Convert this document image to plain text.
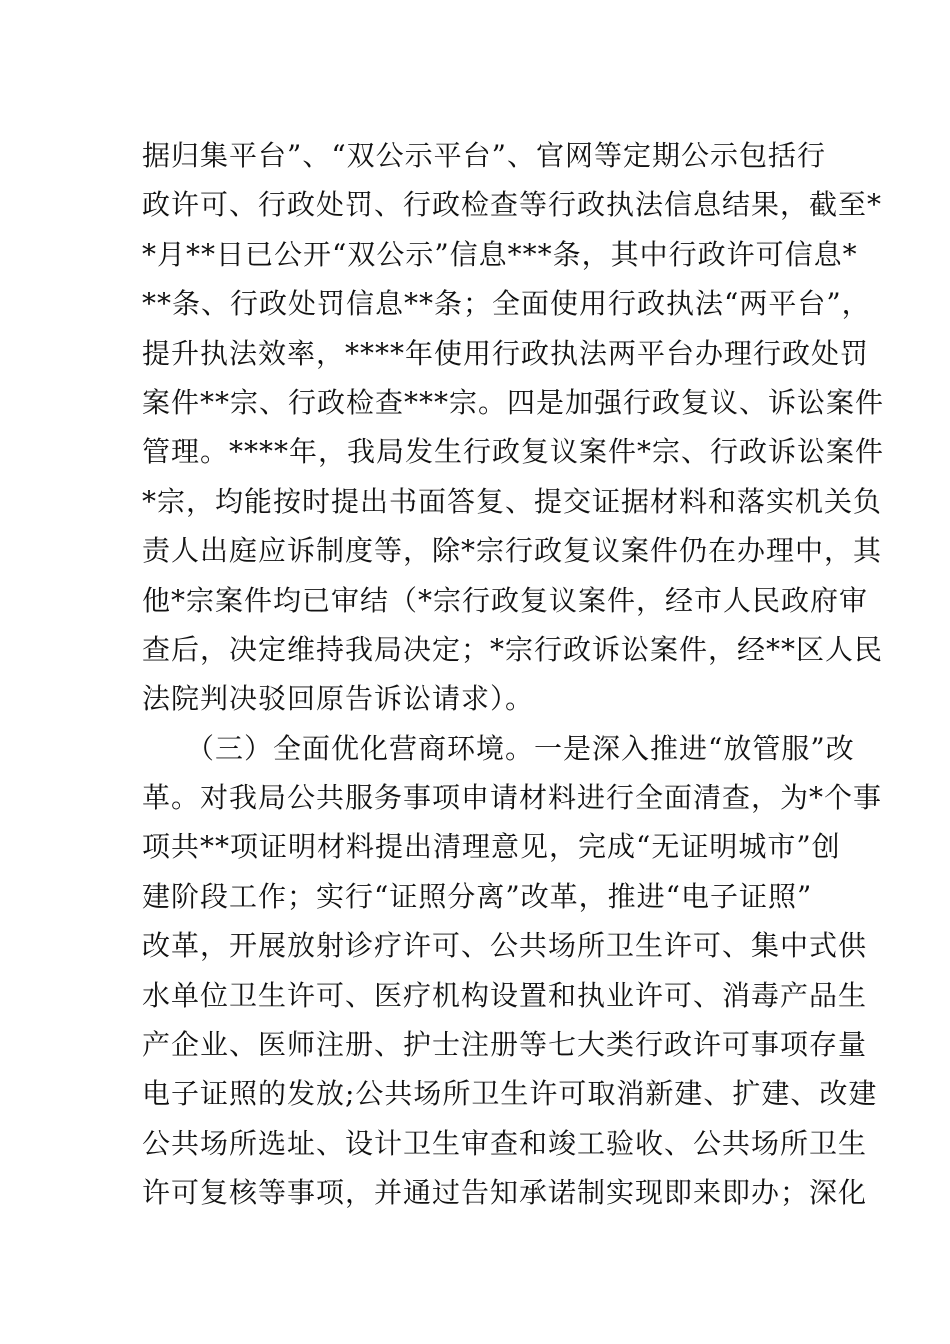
据归集平台”、“双公示平台”、官网等定期公示包括行
政许可、行政处罚、行政检查等行政执法信息结果，截至*
*月**日已公开“双公示”信息***条，其中行政许可信息*
**条、行政处罚信息**条；全面使用行政执法“两平台”，
提升执法效率，****年使用行政执法两平台办理行政处罚
案件**宗、行政检查***宗。四是加强行政复议、诉讼案件
管理。****年，我局发生行政复议案件*宗、行政诉讼案件
*宗，均能按时提出书面答复、提交证据材料和落实机关负
责人出庭应诉制度等，除*宗行政复议案件仍在办理中，其
他*宗案件均已审结（*宗行政复议案件，经市人民政府审
查后，决定维持我局决定；*宗行政诉讼案件，经**区人民
法院判决驳回原告诉讼请求）。
　　（三）全面优化营商环境。一是深入推进“放管服”改
革。对我局公共服务事项申请材料进行全面清查，为*个事
项共**项证明材料提出清理意见，完成“无证明城市”创
建阶段工作；实行“证照分离”改革，推进“电子证照”
改革，开展放射诊疗许可、公共场所卫生许可、集中式供
水单位卫生许可、医疗机构设置和执业许可、消毒产品生
产企业、医师注册、护士注册等七大类行政许可事项存量
电子证照的发放;公共场所卫生许可取消新建、扩建、改建
公共场所选址、设计卫生审查和竣工验收、公共场所卫生
许可复核等事项，并通过告知承诺制实现即来即办；深化
